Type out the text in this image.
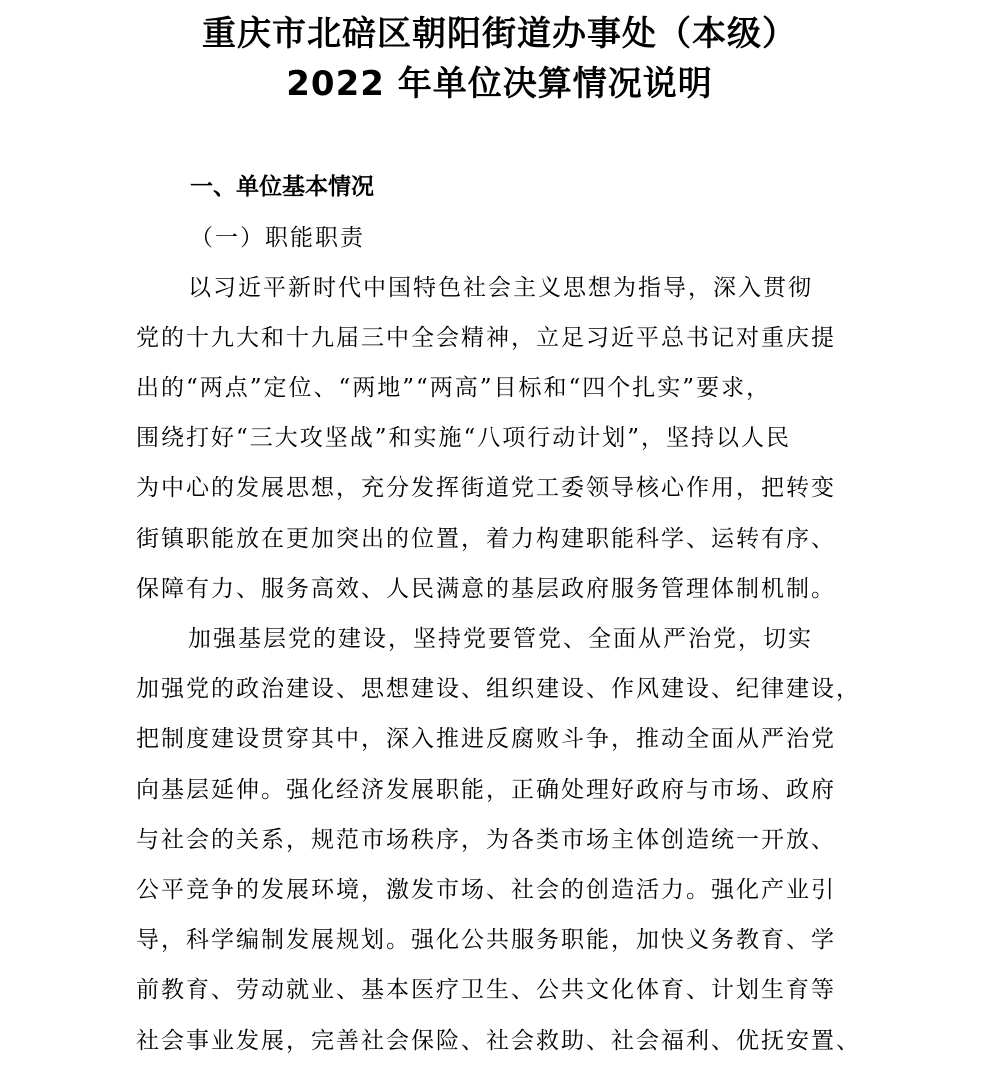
重庆市北碚区朝阳街道办事处（本级）
2022 年单位决算情况说明
一、单位基本情况
（一）职能职责
以习近平新时代中国特色社会主义思想为指导，深入贯彻
党的十九大和十九届三中全会精神，立足习近平总书记对重庆提
出的“两点”定位、“两地”“两高”目标和“四个扎实”要求，
围绕打好“三大攻坚战”和实施“八项行动计划”，坚持以人民
为中心的发展思想，充分发挥街道党工委领导核心作用，把转变
街镇职能放在更加突出的位置，着力构建职能科学、运转有序、
保障有力、服务高效、人民满意的基层政府服务管理体制机制。
加强基层党的建设，坚持党要管党、全面从严治党，切实
加强党的政治建设、思想建设、组织建设、作风建设、纪律建设，
把制度建设贯穿其中，深入推进反腐败斗争，推动全面从严治党
向基层延伸。强化经济发展职能，正确处理好政府与市场、政府
与社会的关系，规范市场秩序，为各类市场主体创造统一开放、
公平竞争的发展环境，激发市场、社会的创造活力。强化产业引
导，科学编制发展规划。强化公共服务职能，加快义务教育、学
前教育、劳动就业、基本医疗卫生、公共文化体育、计划生育等
社会事业发展，完善社会保险、社会救助、社会福利、优抚安置、
